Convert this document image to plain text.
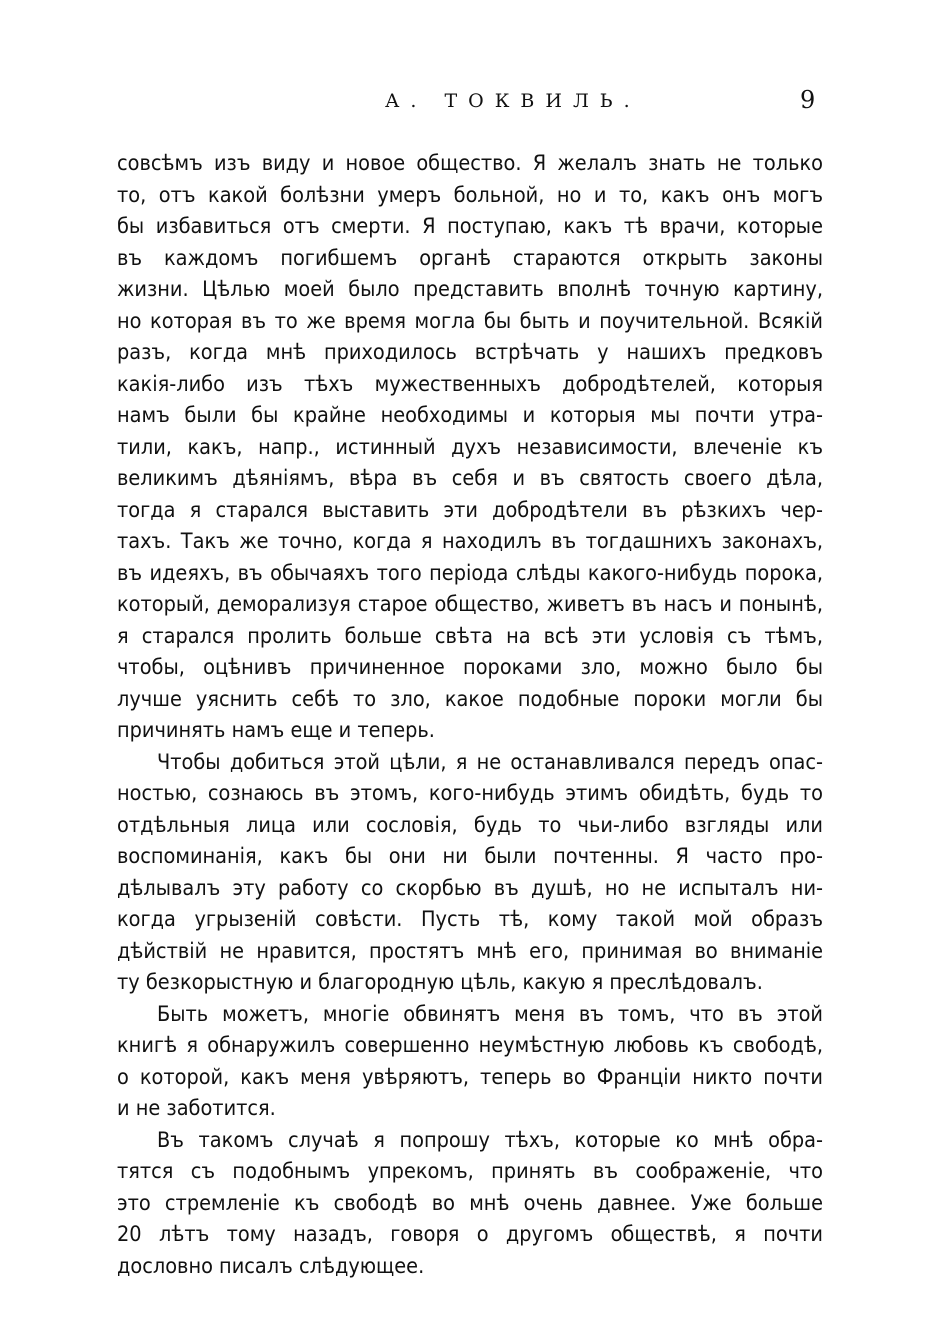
А. ТОКВИЛЬ.	9
совсѣмъ изъ виду и новое общество. Я желалъ знать не только
то, отъ какой болѣзни умеръ больной, но и то, какъ онъ могъ
бы избавиться отъ смерти. Я поступаю, какъ тѣ врачи, которые
въ каждомъ погибшемъ органѣ стараются открыть законы
жизни. Цѣлью моей было представить вполнѣ точную картину,
но которая въ то же время могла бы быть и поучительной. Всякій
разъ, когда мнѣ приходилось встрѣчать у нашихъ предковъ
какія-либо изъ тѣхъ мужественныхъ добродѣтелей, которыя
намъ были бы крайне необходимы и которыя мы почти утра-
тили, какъ, напр., истинный духъ независимости, влеченіе къ
великимъ дѣяніямъ, вѣра въ себя и въ святость своего дѣла,
тогда я старался выставить эти добродѣтели въ рѣзкихъ чер-
тахъ. Такъ же точно, когда я находилъ въ тогдашнихъ законахъ,
въ идеяхъ, въ обычаяхъ того періода слѣды какого-нибудь порока,
который, деморализуя старое общество, живетъ въ насъ и понынѣ,
я старался пролить больше свѣта на всѣ эти условія съ тѣмъ,
чтобы, оцѣнивъ причиненное пороками зло, можно было бы
лучше уяснить себѣ то зло, какое подобные пороки могли бы
причинять намъ еще и теперь.
Чтобы добиться этой цѣли, я не останавливался передъ опас-
ностью, сознаюсь въ этомъ, кого-нибудь этимъ обидѣть, будь то
отдѣльныя лица или сословія, будь то чьи-либо взгляды или
воспоминанія, какъ бы они ни были почтенны. Я часто про-
дѣлывалъ эту работу со скорбью въ душѣ, но не испыталъ ни-
когда угрызеній совѣсти. Пусть тѣ, кому такой мой образъ
дѣйствій не нравится, простятъ мнѣ его, принимая во вниманіе
ту безкорыстную и благородную цѣль, какую я преслѣдовалъ.
Быть можетъ, многіе обвинятъ меня въ томъ, что въ этой
книгѣ я обнаружилъ совершенно неумѣстную любовь къ свободѣ,
о которой, какъ меня увѣряютъ, теперь во Франціи никто почти
и не заботится.
Въ такомъ случаѣ я попрошу тѣхъ, которые ко мнѣ обра-
тятся съ подобнымъ упрекомъ, принять въ соображеніе, что
это стремленіе къ свободѣ во мнѣ очень давнее. Уже больше
20 лѣтъ тому назадъ, говоря о другомъ обществѣ, я почти
дословно писалъ слѣдующее.
